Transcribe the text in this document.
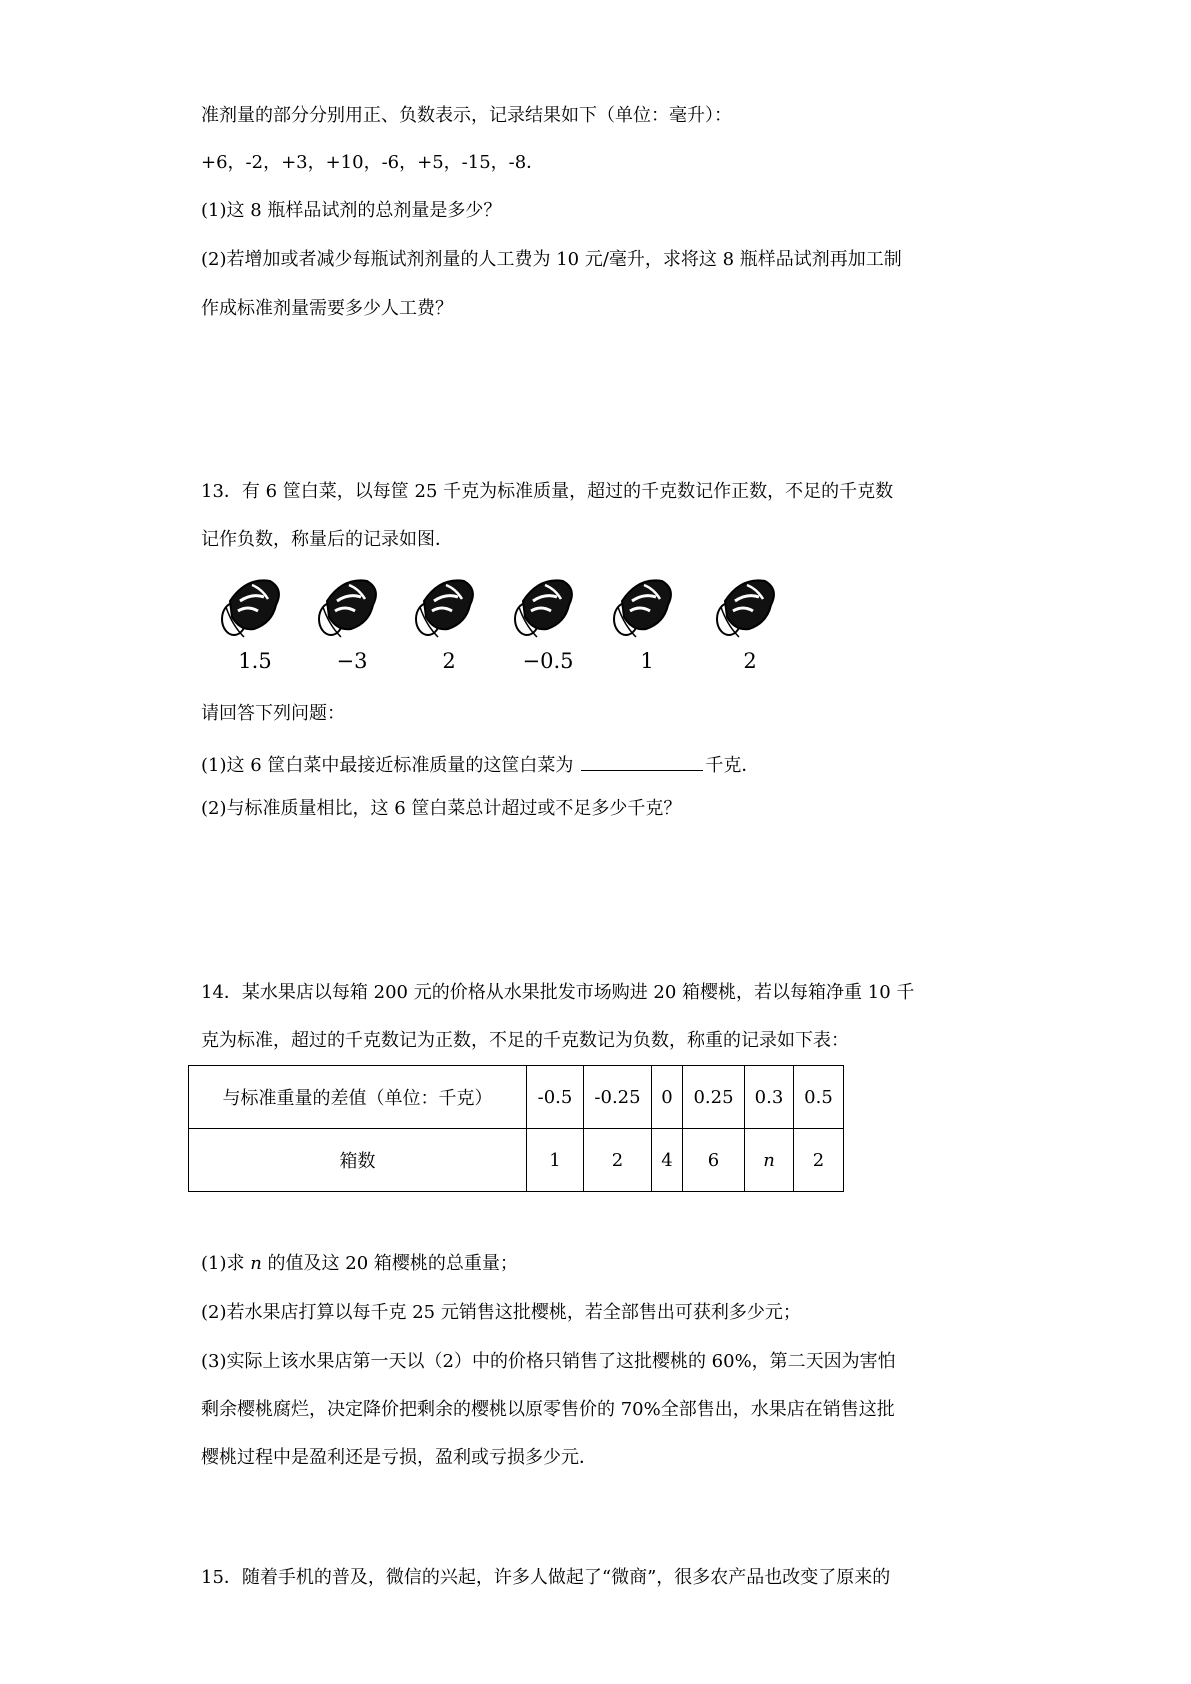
准剂量的部分分别用正、负数表示，记录结果如下（单位：毫升）：
+6，-2，+3，+10，-6，+5，-15，-8．
(1)这 8 瓶样品试剂的总剂量是多少？
(2)若增加或者减少每瓶试剂剂量的人工费为 10 元/毫升，求将这 8 瓶样品试剂再加工制
作成标准剂量需要多少人工费？
13．有 6 筐白菜，以每筐 25 千克为标准质量，超过的千克数记作正数，不足的千克数
记作负数，称量后的记录如图．
1.5	−3	2	−0.5	1	2
请回答下列问题：
(1)这 6 筐白菜中最接近标准质量的这筐白菜为	千克．
(2)与标准质量相比，这 6 筐白菜总计超过或不足多少千克？
14．某水果店以每箱 200 元的价格从水果批发市场购进 20 箱樱桃，若以每箱净重 10 千
克为标准，超过的千克数记为正数，不足的千克数记为负数，称重的记录如下表：
与标准重量的差值（单位：千克）	-0.5	-0.25	0	0.25	0.3	0.5
箱数	1	2	4	6	n	2
(1)求 n 的值及这 20 箱樱桃的总重量；
(2)若水果店打算以每千克 25 元销售这批樱桃，若全部售出可获利多少元；
(3)实际上该水果店第一天以（2）中的价格只销售了这批樱桃的 60%，第二天因为害怕
剩余樱桃腐烂，决定降价把剩余的樱桃以原零售价的 70%全部售出，水果店在销售这批
樱桃过程中是盈利还是亏损，盈利或亏损多少元．
15．随着手机的普及，微信的兴起，许多人做起了“微商”，很多农产品也改变了原来的
